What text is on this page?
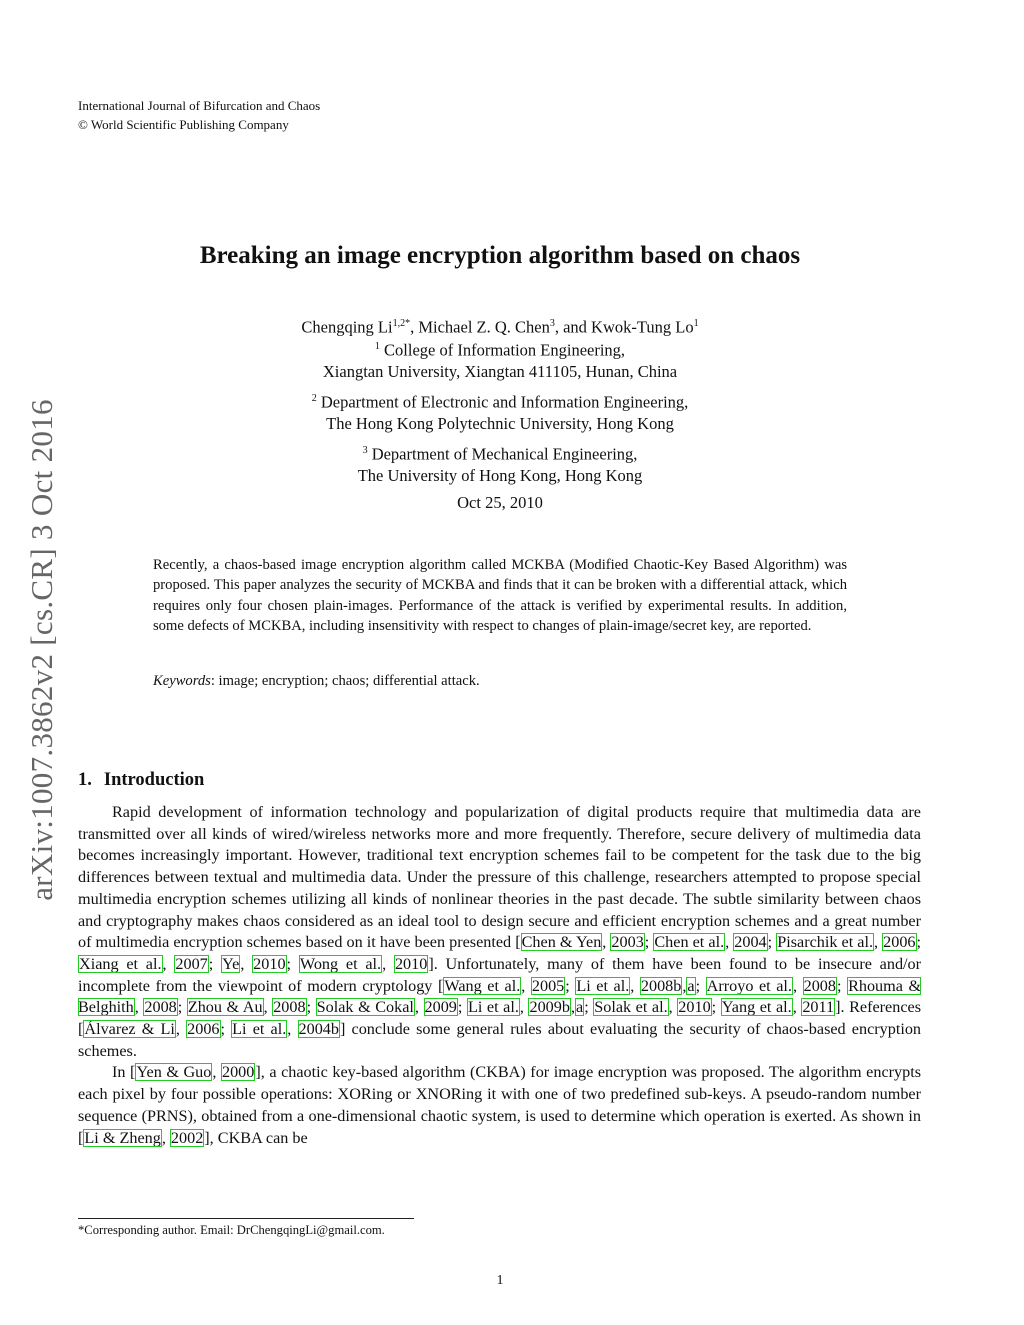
International Journal of Bifurcation and Chaos
© World Scientific Publishing Company
arXiv:1007.3862v2 [cs.CR] 3 Oct 2016
Breaking an image encryption algorithm based on chaos
Chengqing $Li^{1,2*}$, Michael Z. Q. Chen$^3$, and Kwok-Tung Lo$^1$
$^1$ College of Information Engineering,
Xiangtan University, Xiangtan 411105, Hunan, China
$^2$ Department of Electronic and Information Engineering,
The Hong Kong Polytechnic University, Hong Kong
$^3$ Department of Mechanical Engineering,
The University of Hong Kong, Hong Kong
Oct 25, 2010
Recently, a chaos-based image encryption algorithm called MCKBA (Modified Chaotic-Key Based Algorithm) was proposed. This paper analyzes the security of MCKBA and finds that it can be broken with a differential attack, which requires only four chosen plain-images. Performance of the attack is verified by experimental results. In addition, some defects of MCKBA, including insensitivity with respect to changes of plain-image/secret key, are reported.
Keywords: image; encryption; chaos; differential attack.
1. Introduction

Rapid development of information technology and popularization of digital products require that multimedia data are transmitted over all kinds of wired/wireless networks more and more frequently. Therefore, secure delivery of multimedia data becomes increasingly important. However, traditional text encryption schemes fail to be competent for the task due to the big differences between textual and multimedia data. Under the pressure of this challenge, researchers attempted to propose special multimedia encryption schemes utilizing all kinds of nonlinear theories in the past decade. The subtle similarity between chaos and cryptography makes chaos considered as an ideal tool to design secure and efficient encryption schemes and a great number of multimedia encryption schemes based on it have been presented [Chen & Yen, 2003; Chen et al., 2004; Pisarchik et al., 2006; Xiang et al., 2007; Ye, 2010; Wong et al., 2010]. Unfortunately, many of them have been found to be insecure and/or incomplete from the viewpoint of modern cryptology [Wang et al., 2005; Li et al., 2008b,a; Arroyo et al., 2008; Rhouma & Belghith, 2008; Zhou & Au, 2008; Solak & Cokal, 2009; Li et al., 2009b,a; Solak et al., 2010; Yang et al., 2011]. References [Álvarez & Li, 2006; Li et al., 2004b] conclude some general rules about evaluating the security of chaos-based encryption schemes.

In [Yen & Guo, 2000], a chaotic key-based algorithm (CKBA) for image encryption was proposed. The algorithm encrypts each pixel by four possible operations: XORing or XNORing it with one of two predefined sub-keys. A pseudo-random number sequence (PRNS), obtained from a one-dimensional chaotic system, is used to determine which operation is exerted. As shown in [Li & Zheng, 2002], CKBA can be

*Corresponding author. Email: DrChengqingLi@gmail.com.
1
